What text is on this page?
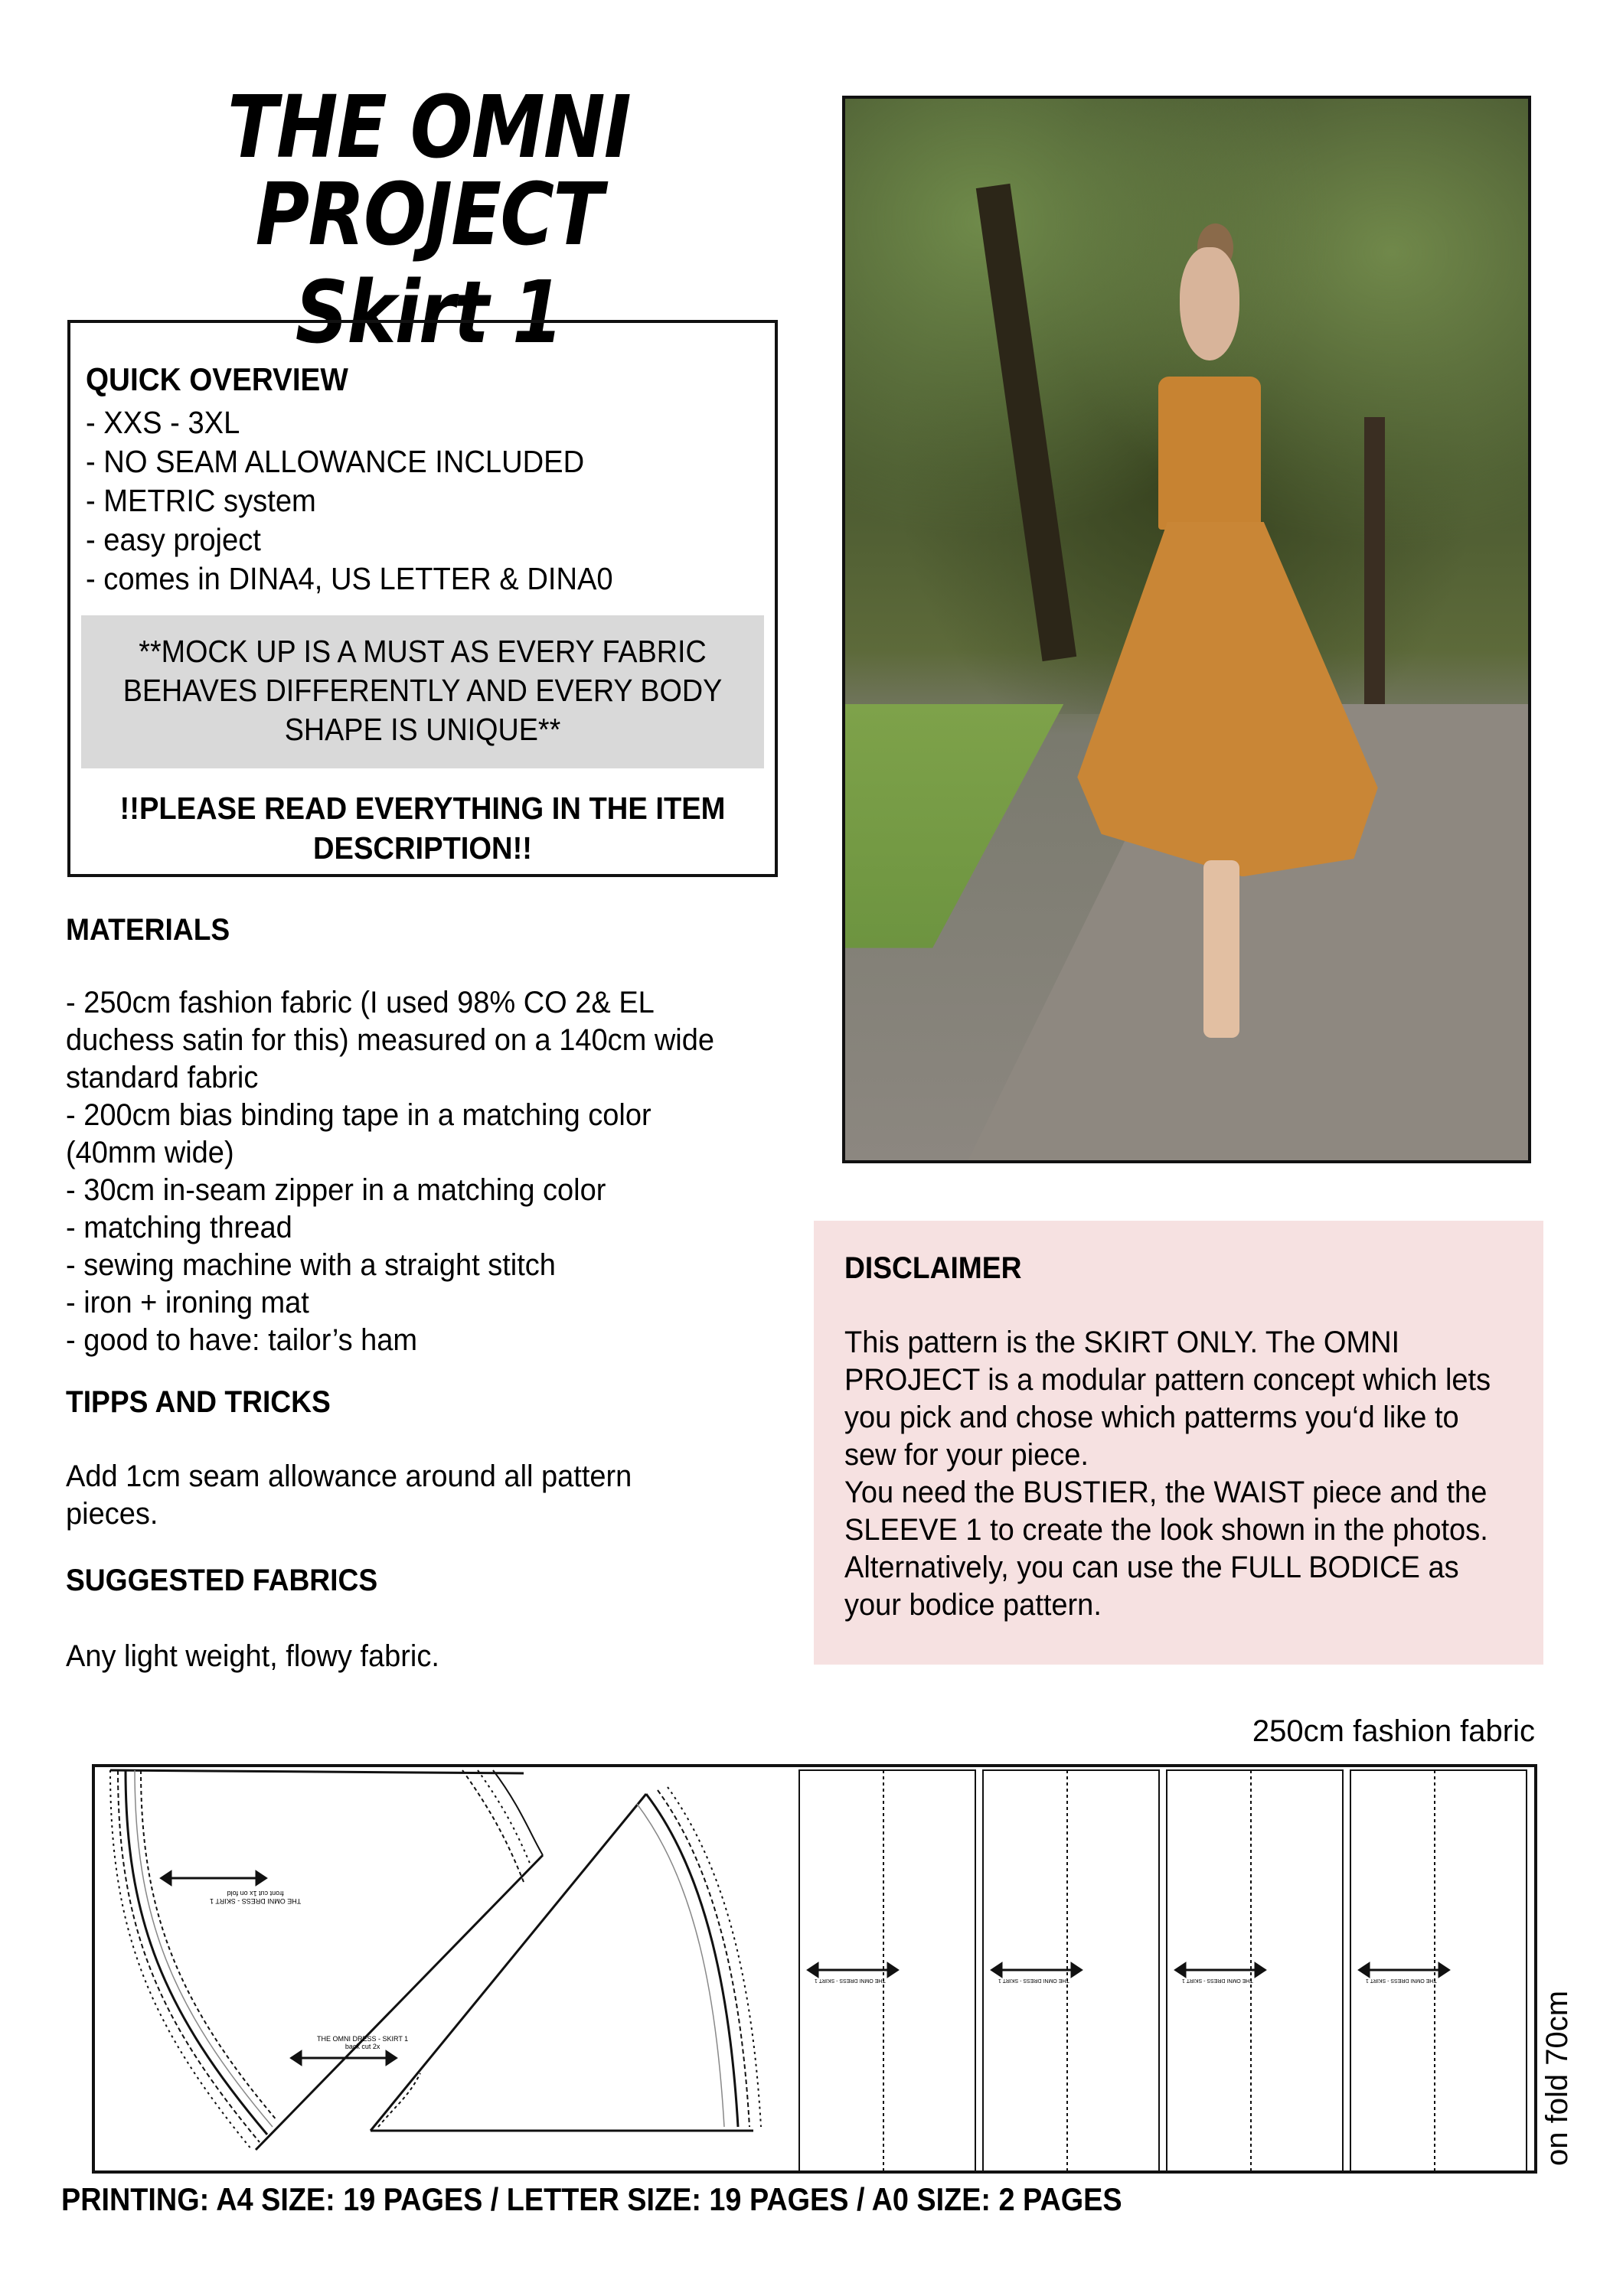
THE OMNI PROJECT
Skirt 1
QUICK OVERVIEW
- XXS - 3XL
- NO SEAM ALLOWANCE INCLUDED
- METRIC system
- easy project
- comes in DINA4, US LETTER & DINA0
**MOCK UP IS A MUST AS EVERY FABRIC BEHAVES DIFFERENTLY AND EVERY BODY SHAPE IS UNIQUE**
!!PLEASE READ EVERYTHING IN THE ITEM DESCRIPTION!!
MATERIALS
- 250cm fashion fabric (I used 98% CO 2& EL duchess satin for this) measured on a 140cm wide standard fabric
- 200cm bias binding tape in a matching color (40mm wide)
- 30cm in-seam zipper in a matching color
- matching thread
- sewing machine with a straight stitch
- iron + ironing mat
- good to have: tailor’s ham
TIPPS AND TRICKS
Add 1cm seam allowance around all pattern pieces.
SUGGESTED FABRICS
Any light weight, flowy fabric.
DISCLAIMER

This pattern is the SKIRT ONLY. The OMNI PROJECT is a modular pattern concept which lets you pick and chose which patterms you‘d like to sew for your piece.

You need the BUSTIER, the WAIST piece and the SLEEVE 1 to create the look shown in the photos. Alternatively, you can use the FULL BODICE as your bodice pattern.

250cm fashion fabric
THE OMNI DRESS - SKIRT 1
front cut 1x on fold
THE OMNI DRESS - SKIRT 1
back cut 2x
THE OMNI DRESS - SKIRT 1	THE OMNI DRESS - SKIRT 1	THE OMNI DRESS - SKIRT 1	THE OMNI DRESS - SKIRT 1
on fold 70cm
PRINTING: A4 SIZE: 19 PAGES / LETTER SIZE: 19 PAGES / A0 SIZE: 2 PAGES
